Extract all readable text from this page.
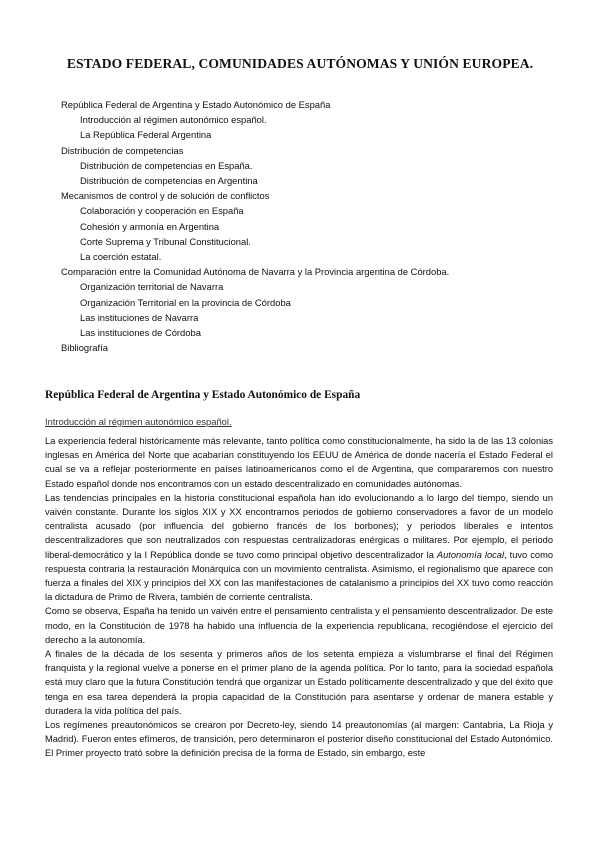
ESTADO FEDERAL, COMUNIDADES AUTÓNOMAS Y UNIÓN EUROPEA.
República Federal de Argentina y Estado Autonómico de España
Introducción al régimen autonómico español.
La República Federal Argentina
Distribución de competencias
Distribución de competencias en España.
Distribución de competencias en Argentina
Mecanismos de control y de solución de conflictos
Colaboración y cooperación en España
Cohesión y armonía en Argentina
Corte Suprema y Tribunal Constitucional.
La coerción estatal.
Comparación entre la Comunidad Autónoma de Navarra y la Provincia argentina de Córdoba.
Organización territorial de Navarra
Organización Territorial en la provincia de Córdoba
Las instituciones de Navarra
Las instituciones de Córdoba
Bibliografía
República Federal de Argentina y Estado Autonómico de España
Introducción al régimen autonómico español.

La experiencia federal históricamente más relevante, tanto política como constitucionalmente, ha sido la de las 13 colonias inglesas en América del Norte que acabarían constituyendo los EEUU de América de donde nacería el Estado Federal el cual se va a reflejar posteriormente en países latinoamericanos como el de Argentina, que compararemos con nuestro Estado español donde nos encontramos con un estado descentralizado en comunidades autónomas.

Las tendencias principales en la historia constitucional española han ido evolucionando a lo largo del tiempo, siendo un vaivén constante. Durante los siglos XIX y XX encontramos periodos de gobierno conservadores a favor de un modelo centralista acusado (por influencia del gobierno francés de los borbones); y periodos liberales e intentos descentralizadores que son neutralizados con respuestas centralizadoras enérgicas o militares. Por ejemplo, el periodo liberal-democrático y la I República donde se tuvo como principal objetivo descentralizador la Autonomía local, tuvo como respuesta contraria la restauración Monárquica con un movimiento centralista. Asimismo, el regionalismo que aparece con fuerza a finales del XIX y principios del XX con las manifestaciones de catalanismo a principios del XX tuvo como reacción la dictadura de Primo de Rivera, también de corriente centralista.

Como se observa, España ha tenido un vaivén entre el pensamiento centralista y el pensamiento descentralizador. De este modo, en la Constitución de 1978 ha habido una influencia de la experiencia republicana, recogiéndose el ejercicio del derecho a la autonomía.

A finales de la década de los sesenta y primeros años de los setenta empieza a vislumbrarse el final del Régimen franquista y la regional vuelve a ponerse en el primer plano de la agenda política. Por lo tanto, para la sociedad española está muy claro que la futura Constitución tendrá que organizar un Estado políticamente descentralizado y que del éxito que tenga en esa tarea dependerá la propia capacidad de la Constitución para asentarse y ordenar de manera estable y duradera la vida política del país.

Los regímenes preautonómicos se crearon por Decreto-ley, siendo 14 preautonomías (al margen: Cantabria, La Rioja y Madrid). Fueron entes efímeros, de transición, pero determinaron el posterior diseño constitucional del Estado Autonómico. El Primer proyecto trató sobre la definición precisa de la forma de Estado, sin embargo, este
